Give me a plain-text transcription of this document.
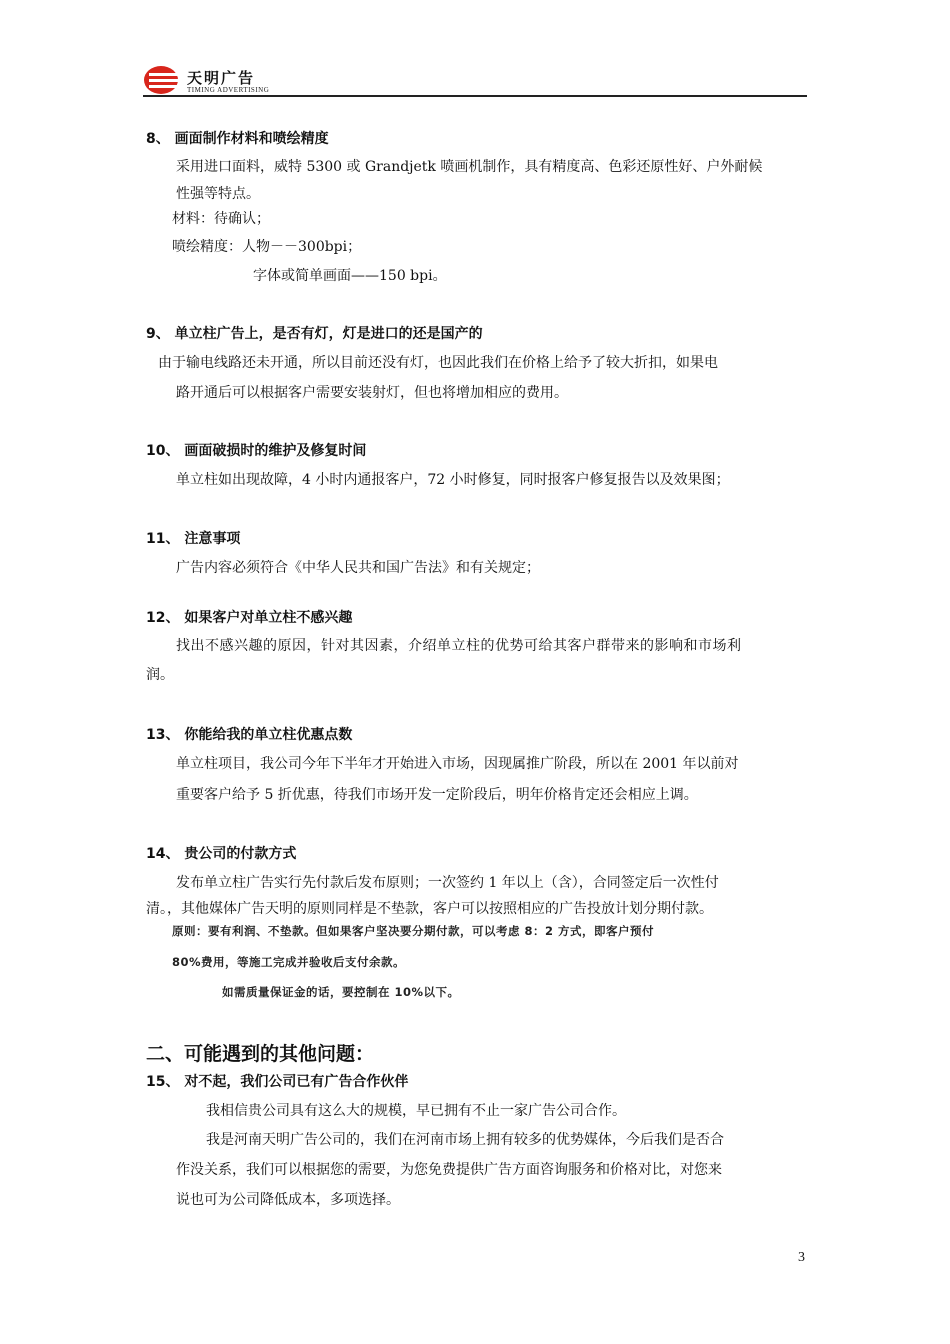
天明广告
TIMING ADVERTISING
8、 画面制作材料和喷绘精度
采用进口面料，威特 5300 或 Grandjetk 喷画机制作，具有精度高、色彩还原性好、户外耐候
性强等特点。
材料：待确认；
喷绘精度：人物－－300bpi；
字体或简单画面——150 bpi。
9、 单立柱广告上，是否有灯，灯是进口的还是国产的
由于输电线路还未开通，所以目前还没有灯，也因此我们在价格上给予了较大折扣，如果电
路开通后可以根据客户需要安装射灯，但也将增加相应的费用。
10、 画面破损时的维护及修复时间
单立柱如出现故障，4 小时内通报客户，72 小时修复，同时报客户修复报告以及效果图；
11、 注意事项
广告内容必须符合《中华人民共和国广告法》和有关规定；
12、 如果客户对单立柱不感兴趣
找出不感兴趣的原因，针对其因素，介绍单立柱的优势可给其客户群带来的影响和市场利
润。
13、 你能给我的单立柱优惠点数
单立柱项目，我公司今年下半年才开始进入市场，因现属推广阶段，所以在 2001 年以前对
重要客户给予 5 折优惠，待我们市场开发一定阶段后，明年价格肯定还会相应上调。
14、 贵公司的付款方式
发布单立柱广告实行先付款后发布原则；一次签约 1 年以上（含），合同签定后一次性付
清。，其他媒体广告天明的原则同样是不垫款，客户可以按照相应的广告投放计划分期付款。
原则：要有利润、不垫款。但如果客户坚决要分期付款，可以考虑 8：2 方式，即客户预付
80%费用，等施工完成并验收后支付余款。
如需质量保证金的话，要控制在 10%以下。
二、可能遇到的其他问题：
15、 对不起，我们公司已有广告合作伙伴
我相信贵公司具有这么大的规模，早已拥有不止一家广告公司合作。
我是河南天明广告公司的，我们在河南市场上拥有较多的优势媒体，今后我们是否合
作没关系，我们可以根据您的需要，为您免费提供广告方面咨询服务和价格对比，对您来
说也可为公司降低成本，多项选择。
3
